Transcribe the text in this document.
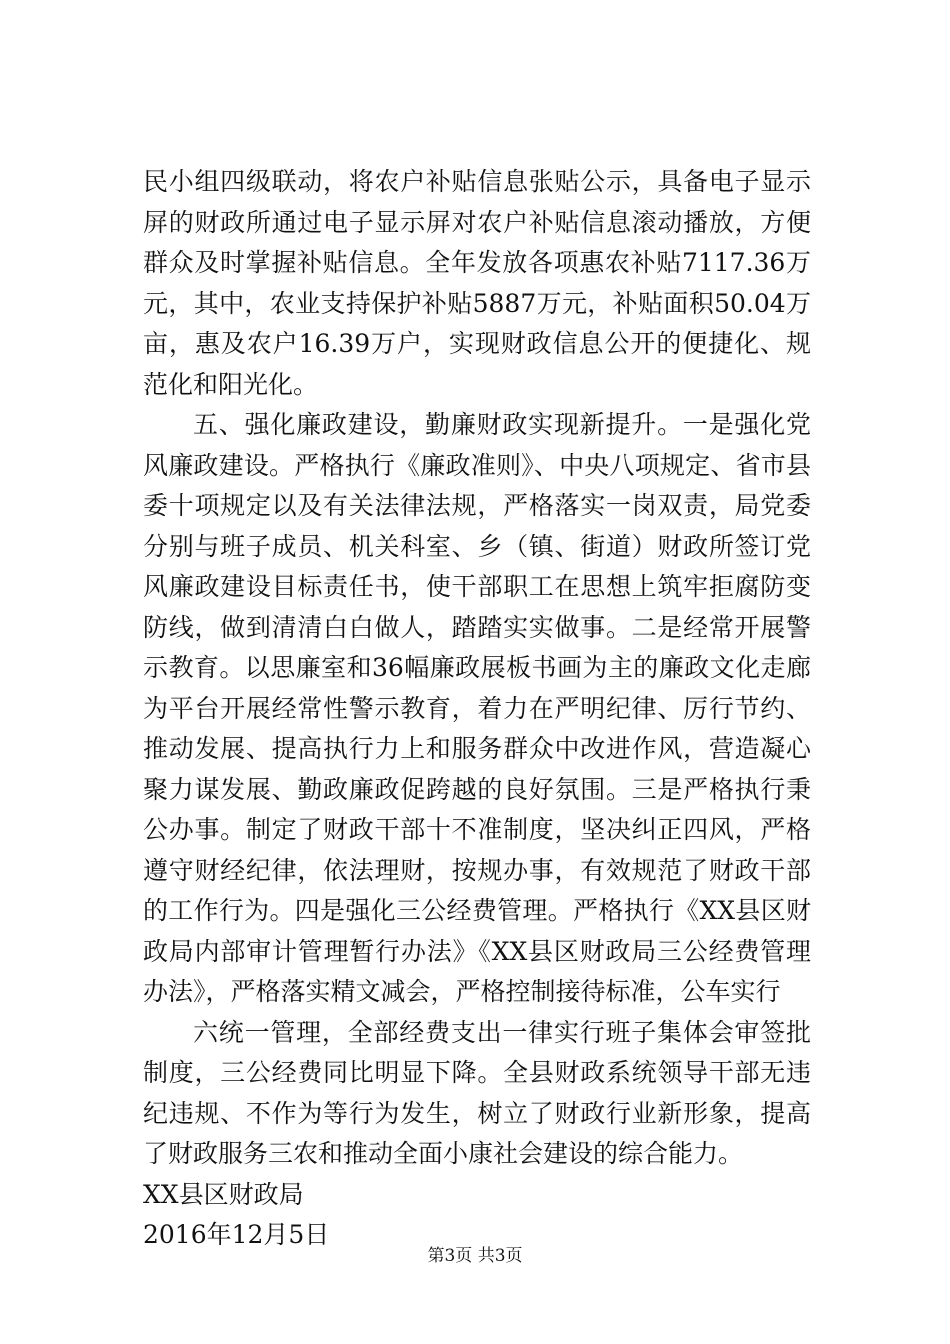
民小组四级联动，将农户补贴信息张贴公示，具备电子显示屏的财政所通过电子显示屏对农户补贴信息滚动播放，方便群众及时掌握补贴信息。全年发放各项惠农补贴7117.36万元，其中，农业支持保护补贴5887万元，补贴面积50.04万亩，惠及农户16.39万户，实现财政信息公开的便捷化、规范化和阳光化。

五、强化廉政建设，勤廉财政实现新提升。一是强化党风廉政建设。严格执行《廉政准则》、中央八项规定、省市县委十项规定以及有关法律法规，严格落实一岗双责，局党委分别与班子成员、机关科室、乡（镇、街道）财政所签订党风廉政建设目标责任书，使干部职工在思想上筑牢拒腐防变防线，做到清清白白做人，踏踏实实做事。二是经常开展警示教育。以思廉室和36幅廉政展板书画为主的廉政文化走廊为平台开展经常性警示教育，着力在严明纪律、厉行节约、推动发展、提高执行力上和服务群众中改进作风，营造凝心聚力谋发展、勤政廉政促跨越的良好氛围。三是严格执行秉公办事。制定了财政干部十不准制度，坚决纠正四风，严格遵守财经纪律，依法理财，按规办事，有效规范了财政干部的工作行为。四是强化三公经费管理。严格执行《XX县区财政局内部审计管理暂行办法》《XX县区财政局三公经费管理办法》，严格落实精文减会，严格控制接待标准，公车实行

六统一管理，全部经费支出一律实行班子集体会审签批制度，三公经费同比明显下降。全县财政系统领导干部无违纪违规、不作为等行为发生，树立了财政行业新形象，提高了财政服务三农和推动全面小康社会建设的综合能力。

XX县区财政局

2016年12月5日

第3页 共3页
